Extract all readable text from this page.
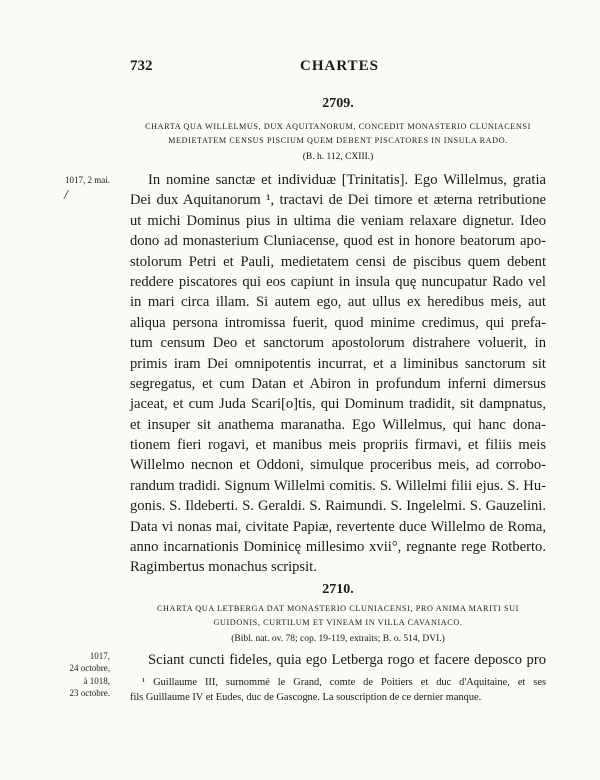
732	CHARTES
2709.
CHARTA QUA WILLELMUS, DUX AQUITANORUM, CONCEDIT MONASTERIO CLUNIACENSI
MEDIETATEM CENSUS PISCIUM QUEM DEBENT PISCATORES IN INSULA RADO.
(B. h. 112, CXIII.)
1017, 2 mai.
/
In nomine sanctæ et individuæ [Trinitatis]. Ego Willelmus, gratia
Dei dux Aquitanorum ¹, tractavi de Dei timore et æterna retributione
ut michi Dominus pius in ultima die veniam relaxare dignetur. Ideo
dono ad monasterium Cluniacense, quod est in honore beatorum apo-
stolorum Petri et Pauli, medietatem censi de piscibus quem debent
reddere piscatores qui eos capiunt in insula quę nuncupatur Rado vel
in mari circa illam. Si autem ego, aut ullus ex heredibus meis, aut
aliqua persona intromissa fuerit, quod minime credimus, qui prefa-
tum censum Deo et sanctorum apostolorum distrahere voluerit, in
primis iram Dei omnipotentis incurrat, et a liminibus sanctorum sit
segregatus, et cum Datan et Abiron in profundum inferni dimersus
jaceat, et cum Juda Scari[o]tis, qui Dominum tradidit, sit dampnatus,
et insuper sit anathema maranatha. Ego Willelmus, qui hanc dona-
tionem fieri rogavi, et manibus meis propriis firmavi, et filiis meis
Willelmo necnon et Oddoni, simulque proceribus meis, ad corrobo-
randum tradidi. Signum Willelmi comitis. S. Willelmi filii ejus. S. Hu-
gonis. S. Ildeberti. S. Geraldi. S. Raimundi. S. Ingelelmi. S. Gauzelini.
Data vi nonas mai, civitate Papiæ, revertente duce Willelmo de Roma,
anno incarnationis Dominicę millesimo xvii°, regnante rege Rotberto.
Ragimbertus monachus scripsit.
2710.
CHARTA QUA LETBERGA DAT MONASTERIO CLUNIACENSI, PRO ANIMA MARITI SUI
GUIDONIS, CURTILUM ET VINEAM IN VILLA CAVANIACO.
(Bibl. nat. ov. 78; cop. 19-119, extraits; B. o. 514, DVI.)
1017,
24 octobre,
à 1018,
23 octobre.
Sciant cuncti fideles, quia ego Letberga rogo et facere deposco pro
¹ Guillaume III, surnommé le Grand, comte de Poitiers et duc d'Aquitaine, et ses
fils Guillaume IV et Eudes, duc de Gascogne. La souscription de ce dernier manque.
